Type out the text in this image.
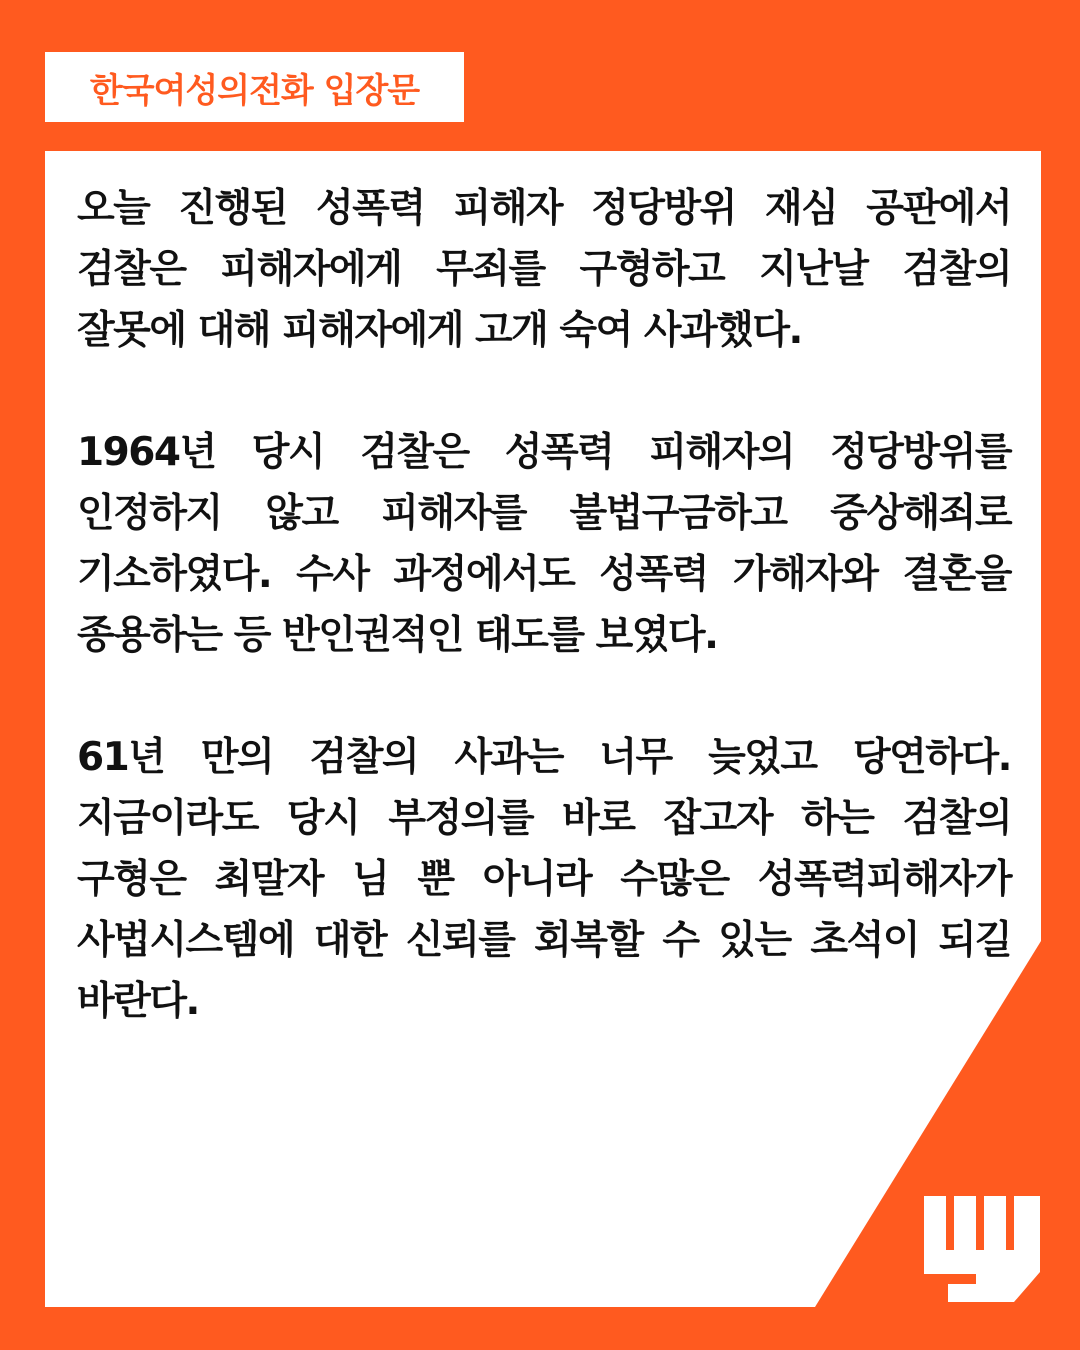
한국여성의전화 입장문

오늘 진행된 성폭력 피해자 정당방위 재심 공판에서 검찰은 피해자에게 무죄를 구형하고 지난날 검찰의 잘못에 대해 피해자에게 고개 숙여 사과했다.

1964년 당시 검찰은 성폭력 피해자의 정당방위를 인정하지 않고 피해자를 불법구금하고 중상해죄로 기소하였다. 수사 과정에서도 성폭력 가해자와 결혼을 종용하는 등 반인권적인 태도를 보였다.

61년 만의 검찰의 사과는 너무 늦었고 당연하다. 지금이라도 당시 부정의를 바로 잡고자 하는 검찰의 구형은 최말자 님 뿐 아니라 수많은 성폭력피해자가 사법시스템에 대한 신뢰를 회복할 수 있는 초석이 되길 바란다.
